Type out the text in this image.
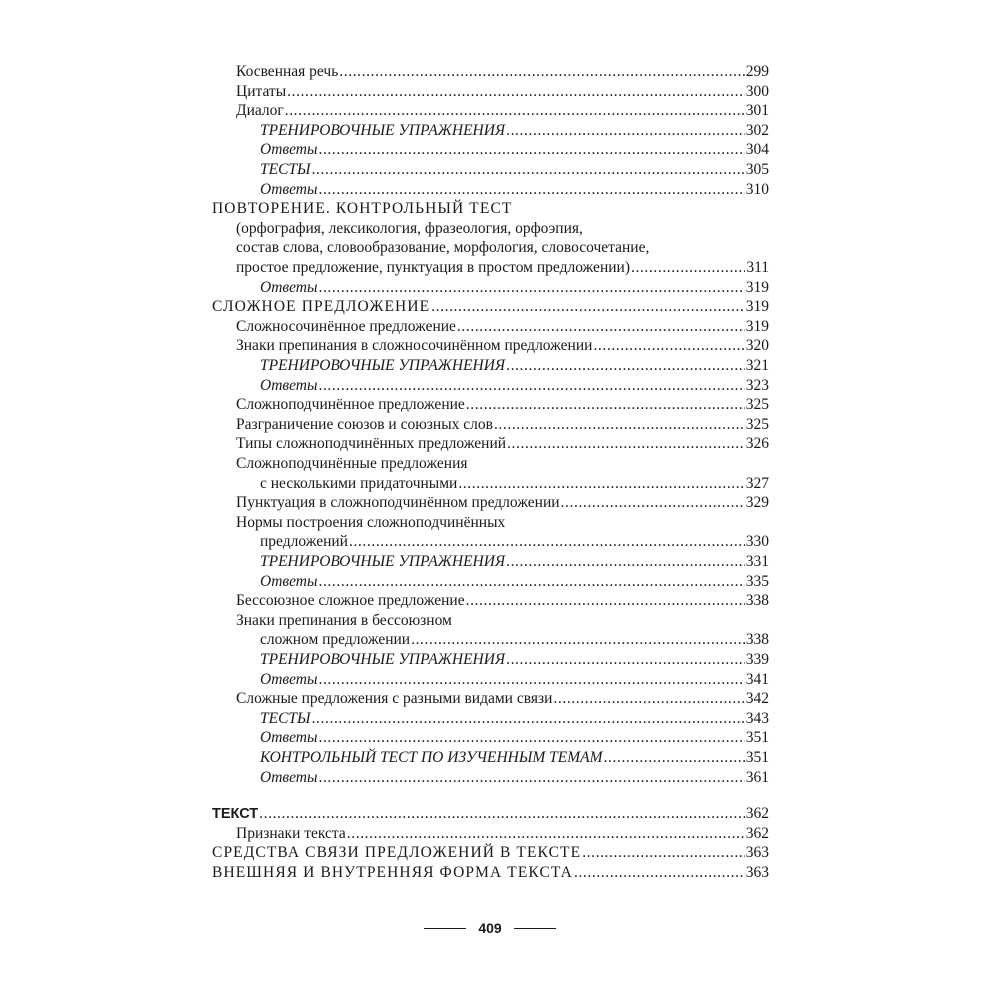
Косвенная речь .....	299
Цитаты .....	300
Диалог .....	301
ТРЕНИРОВОЧНЫЕ УПРАЖНЕНИЯ .....	302
Ответы .....	304
ТЕСТЫ .....	305
Ответы .....	310
ПОВТОРЕНИЕ. КОНТРОЛЬНЫЙ ТЕСТ
(орфография, лексикология, фразеология, орфоэпия,
состав слова, словообразование, морфология, словосочетание,
простое предложение, пунктуация в простом предложении) .....	311
Ответы .....	319
СЛОЖНОЕ ПРЕДЛОЖЕНИЕ .....	319
Сложносочинённое предложение .....	319
Знаки препинания в сложносочинённом предложении .....	320
ТРЕНИРОВОЧНЫЕ УПРАЖНЕНИЯ .....	321
Ответы .....	323
Сложноподчинённое предложение .....	325
Разграничение союзов и союзных слов .....	325
Типы сложноподчинённых предложений .....	326
Сложноподчинённые предложения
с несколькими придаточными .....	327
Пунктуация в сложноподчинённом предложении .....	329
Нормы построения сложноподчинённых
предложений .....	330
ТРЕНИРОВОЧНЫЕ УПРАЖНЕНИЯ .....	331
Ответы .....	335
Бессоюзное сложное предложение .....	338
Знаки препинания в бессоюзном
сложном предложении .....	338
ТРЕНИРОВОЧНЫЕ УПРАЖНЕНИЯ .....	339
Ответы .....	341
Сложные предложения с разными видами связи .....	342
ТЕСТЫ .....	343
Ответы .....	351
КОНТРОЛЬНЫЙ ТЕСТ ПО ИЗУЧЕННЫМ ТЕМАМ .....	351
Ответы .....	361
ТЕКСТ .....	362
Признаки текста .....	362
СРЕДСТВА СВЯЗИ ПРЕДЛОЖЕНИЙ В ТЕКСТЕ .....	363
ВНЕШНЯЯ И ВНУТРЕННЯЯ ФОРМА ТЕКСТА .....	363
409
